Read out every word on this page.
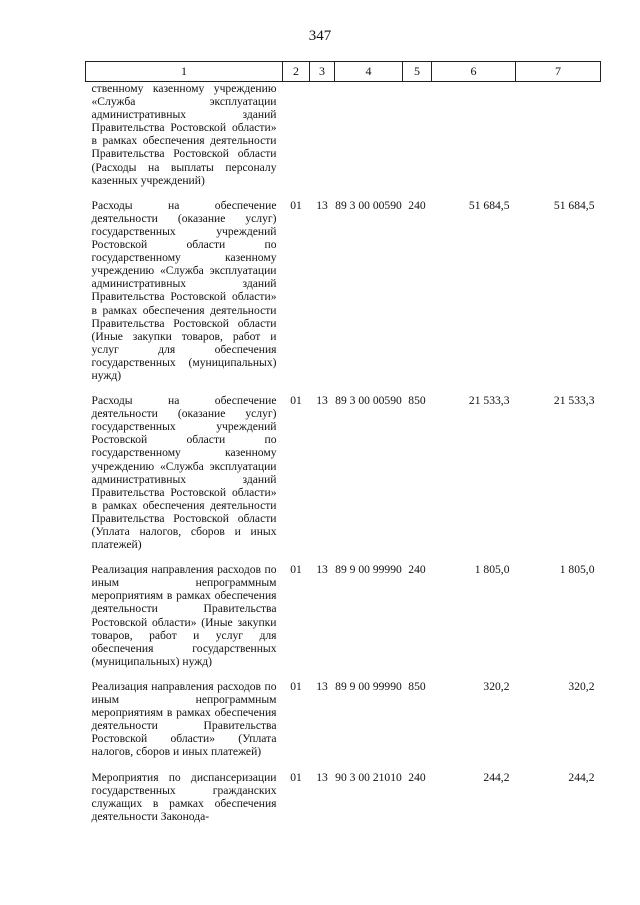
347
1	2	3	4	5	6	7
ственному казенному учреждению «Служба эксплуатации административных зданий Правительства Ростовской области» в рамках обеспечения деятельности Правительства Ростовской области (Расходы на выплаты персоналу казенных учреждений)						
Расходы на обеспечение деятельности (оказание услуг) государственных учреждений Ростовской области по государственному казенному учреждению «Служба эксплуатации административных зданий Правительства Ростовской области» в рамках обеспечения деятельности Правительства Ростовской области (Иные закупки товаров, работ и услуг для обеспечения государственных (муниципальных) нужд)	01	13	89 3 00 00590	240	51 684,5	51 684,5
Расходы на обеспечение деятельности (оказание услуг) государственных учреждений Ростовской области по государственному казенному учреждению «Служба эксплуатации административных зданий Правительства Ростовской области» в рамках обеспечения деятельности Правительства Ростовской области (Уплата налогов, сборов и иных платежей)	01	13	89 3 00 00590	850	21 533,3	21 533,3
Реализация направления расходов по иным непрограммным мероприятиям в рамках обеспечения деятельности Правительства Ростовской области» (Иные закупки товаров, работ и услуг для обеспечения государственных (муниципальных) нужд)	01	13	89 9 00 99990	240	1 805,0	1 805,0
Реализация направления расходов по иным непрограммным мероприятиям в рамках обеспечения деятельности Правительства Ростовской области» (Уплата налогов, сборов и иных платежей)	01	13	89 9 00 99990	850	320,2	320,2
Мероприятия по диспансеризации государственных гражданских служащих в рамках обеспечения деятельности Законода-	01	13	90 3 00 21010	240	244,2	244,2
